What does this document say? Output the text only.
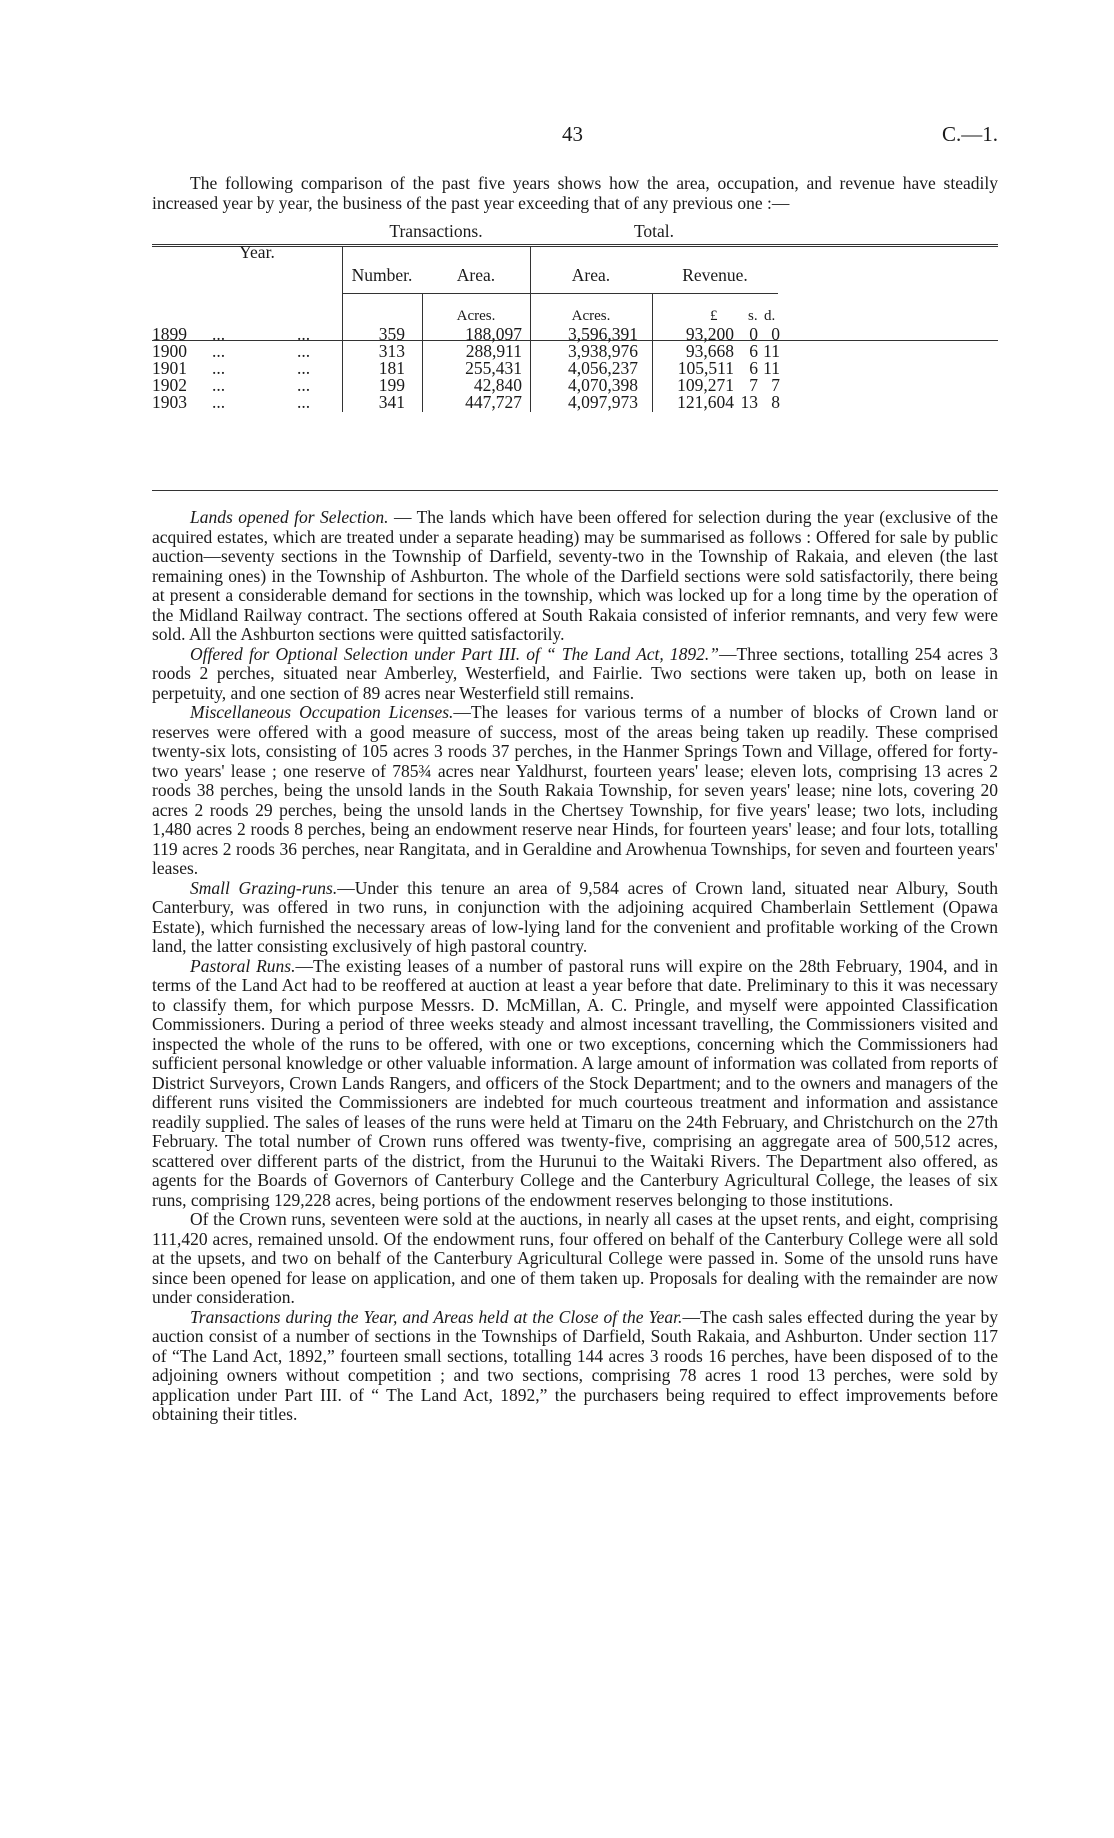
43	C.—1.
The following comparison of the past five years shows how the area, occupation, and revenue have steadily increased year by year, the business of the past year exceeding that of any previous one :—
Year.
Transactions.	Total.
Number.	Area.	Area.	Revenue.
Acres.	Acres.	£ s. d.
1899	...	...	359	188,097	3,596,391	93,200 0 0
1900	...	...	313	288,911	3,938,976	93,668 6 11
1901	...	...	181	255,431	4,056,237	105,511 6 11
1902	...	...	199	42,840	4,070,398	109,271 7 7
1903	...	...	341	447,727	4,097,973	121,604 13 8

Lands opened for Selection. — The lands which have been offered for selection during the year (exclusive of the acquired estates, which are treated under a separate heading) may be summarised as follows : Offered for sale by public auction—seventy sections in the Township of Darfield, seventy-two in the Township of Rakaia, and eleven (the last remaining ones) in the Township of Ashburton. The whole of the Darfield sections were sold satisfactorily, there being at present a considerable demand for sections in the township, which was locked up for a long time by the operation of the Midland Railway contract. The sections offered at South Rakaia consisted of inferior remnants, and very few were sold. All the Ashburton sections were quitted satisfactorily.

Offered for Optional Selection under Part III. of “ The Land Act, 1892.”—Three sections, totalling 254 acres 3 roods 2 perches, situated near Amberley, Westerfield, and Fairlie. Two sections were taken up, both on lease in perpetuity, and one section of 89 acres near Westerfield still remains.

Miscellaneous Occupation Licenses.—The leases for various terms of a number of blocks of Crown land or reserves were offered with a good measure of success, most of the areas being taken up readily. These comprised twenty-six lots, consisting of 105 acres 3 roods 37 perches, in the Hanmer Springs Town and Village, offered for forty-two years' lease ; one reserve of 785¾ acres near Yaldhurst, fourteen years' lease; eleven lots, comprising 13 acres 2 roods 38 perches, being the unsold lands in the South Rakaia Township, for seven years' lease; nine lots, covering 20 acres 2 roods 29 perches, being the unsold lands in the Chertsey Township, for five years' lease; two lots, including 1,480 acres 2 roods 8 perches, being an endowment reserve near Hinds, for fourteen years' lease; and four lots, totalling 119 acres 2 roods 36 perches, near Rangitata, and in Geraldine and Arowhenua Townships, for seven and fourteen years' leases.

Small Grazing-runs.—Under this tenure an area of 9,584 acres of Crown land, situated near Albury, South Canterbury, was offered in two runs, in conjunction with the adjoining acquired Chamberlain Settlement (Opawa Estate), which furnished the necessary areas of low-lying land for the convenient and profitable working of the Crown land, the latter consisting exclusively of high pastoral country.

Pastoral Runs.—The existing leases of a number of pastoral runs will expire on the 28th February, 1904, and in terms of the Land Act had to be reoffered at auction at least a year before that date. Preliminary to this it was necessary to classify them, for which purpose Messrs. D. McMillan, A. C. Pringle, and myself were appointed Classification Commissioners. During a period of three weeks steady and almost incessant travelling, the Commissioners visited and inspected the whole of the runs to be offered, with one or two exceptions, concerning which the Commissioners had sufficient personal knowledge or other valuable information. A large amount of information was collated from reports of District Surveyors, Crown Lands Rangers, and officers of the Stock Department; and to the owners and managers of the different runs visited the Commissioners are indebted for much courteous treatment and information and assistance readily supplied. The sales of leases of the runs were held at Timaru on the 24th February, and Christchurch on the 27th February. The total number of Crown runs offered was twenty-five, comprising an aggregate area of 500,512 acres, scattered over different parts of the district, from the Hurunui to the Waitaki Rivers. The Department also offered, as agents for the Boards of Governors of Canterbury College and the Canterbury Agricultural College, the leases of six runs, comprising 129,228 acres, being portions of the endowment reserves belonging to those institutions.

Of the Crown runs, seventeen were sold at the auctions, in nearly all cases at the upset rents, and eight, comprising 111,420 acres, remained unsold. Of the endowment runs, four offered on behalf of the Canterbury College were all sold at the upsets, and two on behalf of the Canterbury Agricultural College were passed in. Some of the unsold runs have since been opened for lease on application, and one of them taken up. Proposals for dealing with the remainder are now under consideration.

Transactions during the Year, and Areas held at the Close of the Year.—The cash sales effected during the year by auction consist of a number of sections in the Townships of Darfield, South Rakaia, and Ashburton. Under section 117 of “The Land Act, 1892,” fourteen small sections, totalling 144 acres 3 roods 16 perches, have been disposed of to the adjoining owners without competition ; and two sections, comprising 78 acres 1 rood 13 perches, were sold by application under Part III. of “ The Land Act, 1892,” the purchasers being required to effect improvements before obtaining their titles.
